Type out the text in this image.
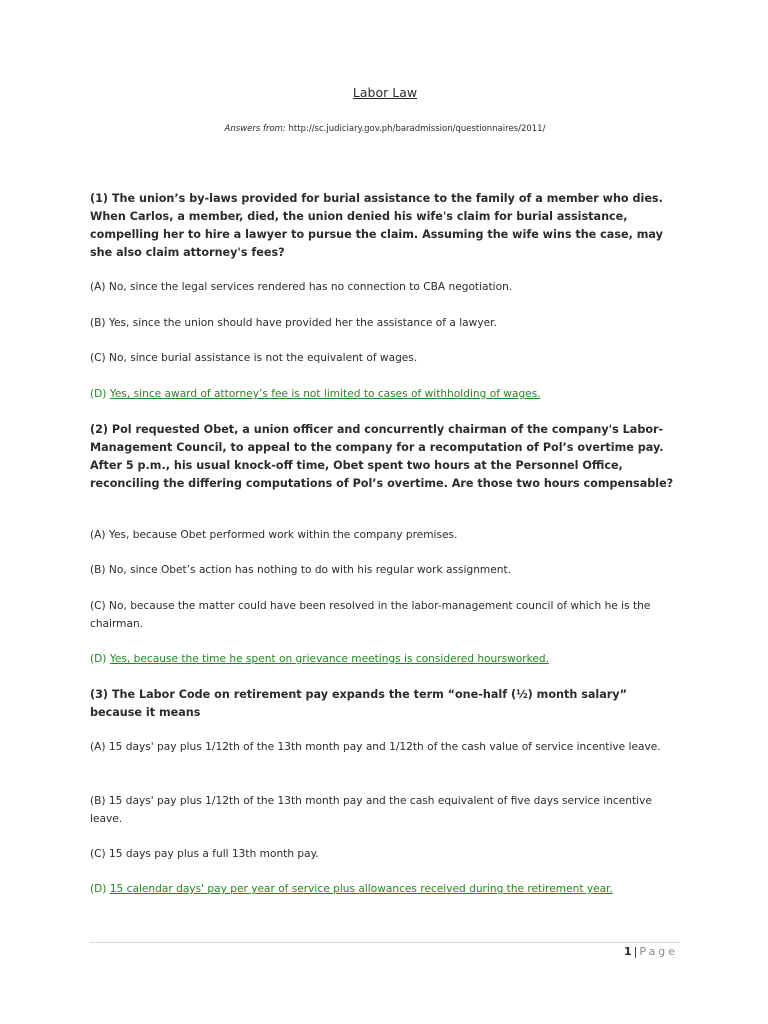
Labor Law
Answers from: http://sc.judiciary.gov.ph/baradmission/questionnaires/2011/
(1) The union’s by-laws provided for burial assistance to the family of a member who dies. When Carlos, a member, died, the union denied his wife's claim for burial assistance, compelling her to hire a lawyer to pursue the claim. Assuming the wife wins the case, may she also claim attorney's fees?
(A) No, since the legal services rendered has no connection to CBA negotiation.
(B) Yes, since the union should have provided her the assistance of a lawyer.
(C) No, since burial assistance is not the equivalent of wages.
(D) Yes, since award of attorney’s fee is not limited to cases of withholding of wages.
(2) Pol requested Obet, a union officer and concurrently chairman of the company's Labor-Management Council, to appeal to the company for a recomputation of Pol’s overtime pay. After 5 p.m., his usual knock-off time, Obet spent two hours at the Personnel Office, reconciling the differing computations of Pol’s overtime. Are those two hours compensable?
(A) Yes, because Obet performed work within the company premises.
(B) No, since Obet’s action has nothing to do with his regular work assignment.
(C) No, because the matter could have been resolved in the labor-management council of which he is the chairman.
(D) Yes, because the time he spent on grievance meetings is considered hoursworked.
(3) The Labor Code on retirement pay expands the term “one-half (½) month salary” because it means
(A) 15 days' pay plus 1/12th of the 13th month pay and 1/12th of the cash value of service incentive leave.
(B) 15 days' pay plus 1/12th of the 13th month pay and the cash equivalent of five days service incentive leave.
(C) 15 days pay plus a full 13th month pay.
(D) 15 calendar days' pay per year of service plus allowances received during the retirement year.
1 | Page
